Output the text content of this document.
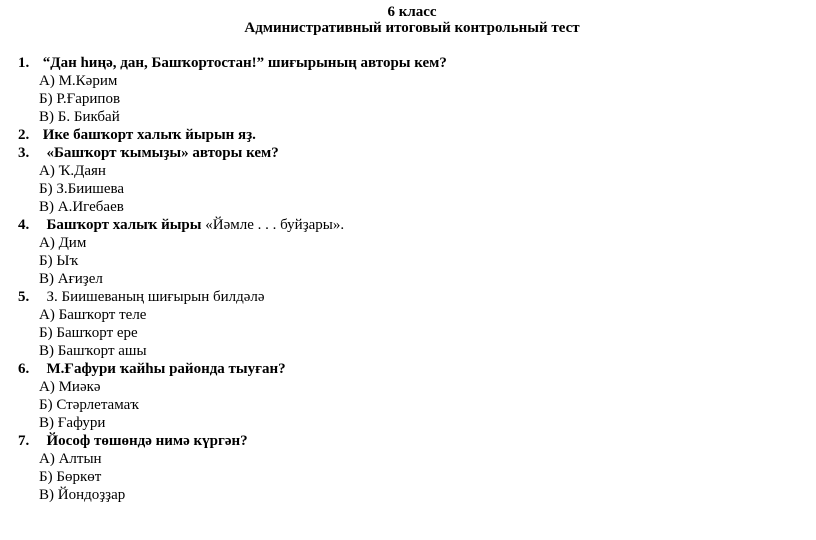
6 класс
Административный итоговый контрольный тест
1. “Дан һиңә, дан, Башҡортостан!” шиғырының авторы кем?
А) М.Кәрим
Б) Р.Ғарипов
В) Б. Бикбай
2. Ике башҡорт халыҡ йырын яҙ.
3.  «Башҡорт ҡымыҙы» авторы кем?
А) Ҡ.Даян
Б) З.Биишева
В) А.Игебаев
4.  Башҡорт халыҡ йыры «Йәмле . . . буйҙары».
А) Дим
Б) Ыҡ
В) Ағиҙел
5.  З. Биишеваның шиғырын билдәлә
А) Башҡорт теле
Б) Башҡорт ере
В) Башҡорт ашы
6.  М.Ғафури ҡайһы районда тыуған?
А) Миәкә
Б) Стәрлетамаҡ
В) Ғафури
7.  Йософ төшөндә нимә күргән?
А) Алтын
Б) Бөркөт
В) Йондоҙҙар
